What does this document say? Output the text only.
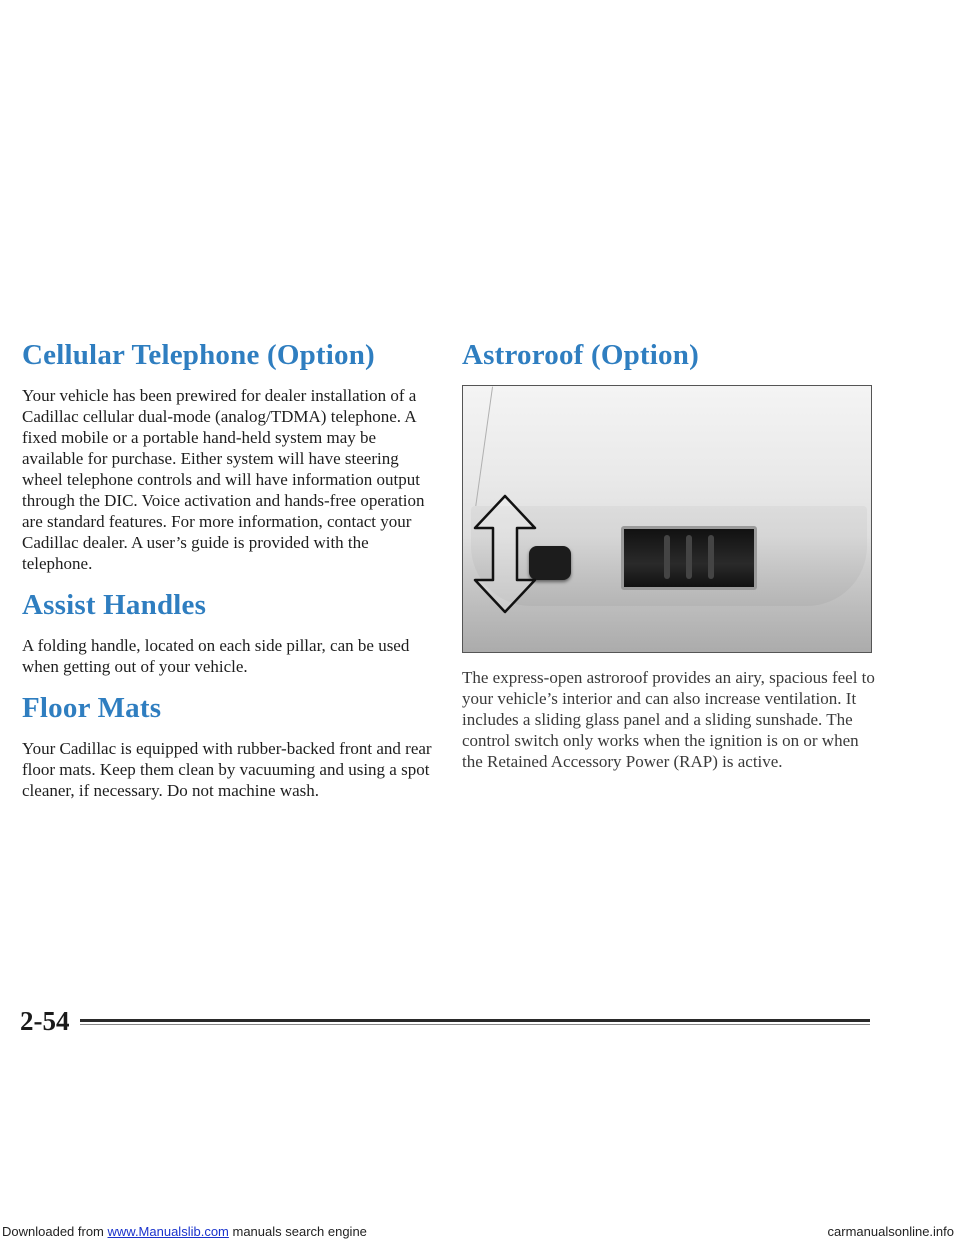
Cellular Telephone (Option)

Your vehicle has been prewired for dealer installation of a Cadillac cellular dual-mode (analog/TDMA) telephone. A fixed mobile or a portable hand-held system may be available for purchase. Either system will have steering wheel telephone controls and will have information output through the DIC. Voice activation and hands-free operation are standard features. For more information, contact your Cadillac dealer. A user’s guide is provided with the telephone.

Assist Handles

A folding handle, located on each side pillar, can be used when getting out of your vehicle.

Floor Mats

Your Cadillac is equipped with rubber-backed front and rear floor mats. Keep them clean by vacuuming and using a spot cleaner, if necessary. Do not machine wash.

Astroroof (Option)

The express-open astroroof provides an airy, spacious feel to your vehicle’s interior and can also increase ventilation. It includes a sliding glass panel and a sliding sunshade. The control switch only works when the ignition is on or when the Retained Accessory Power (RAP) is active.

2-54
Downloaded from www.Manualslib.com manuals search engine	carmanualsonline.info
